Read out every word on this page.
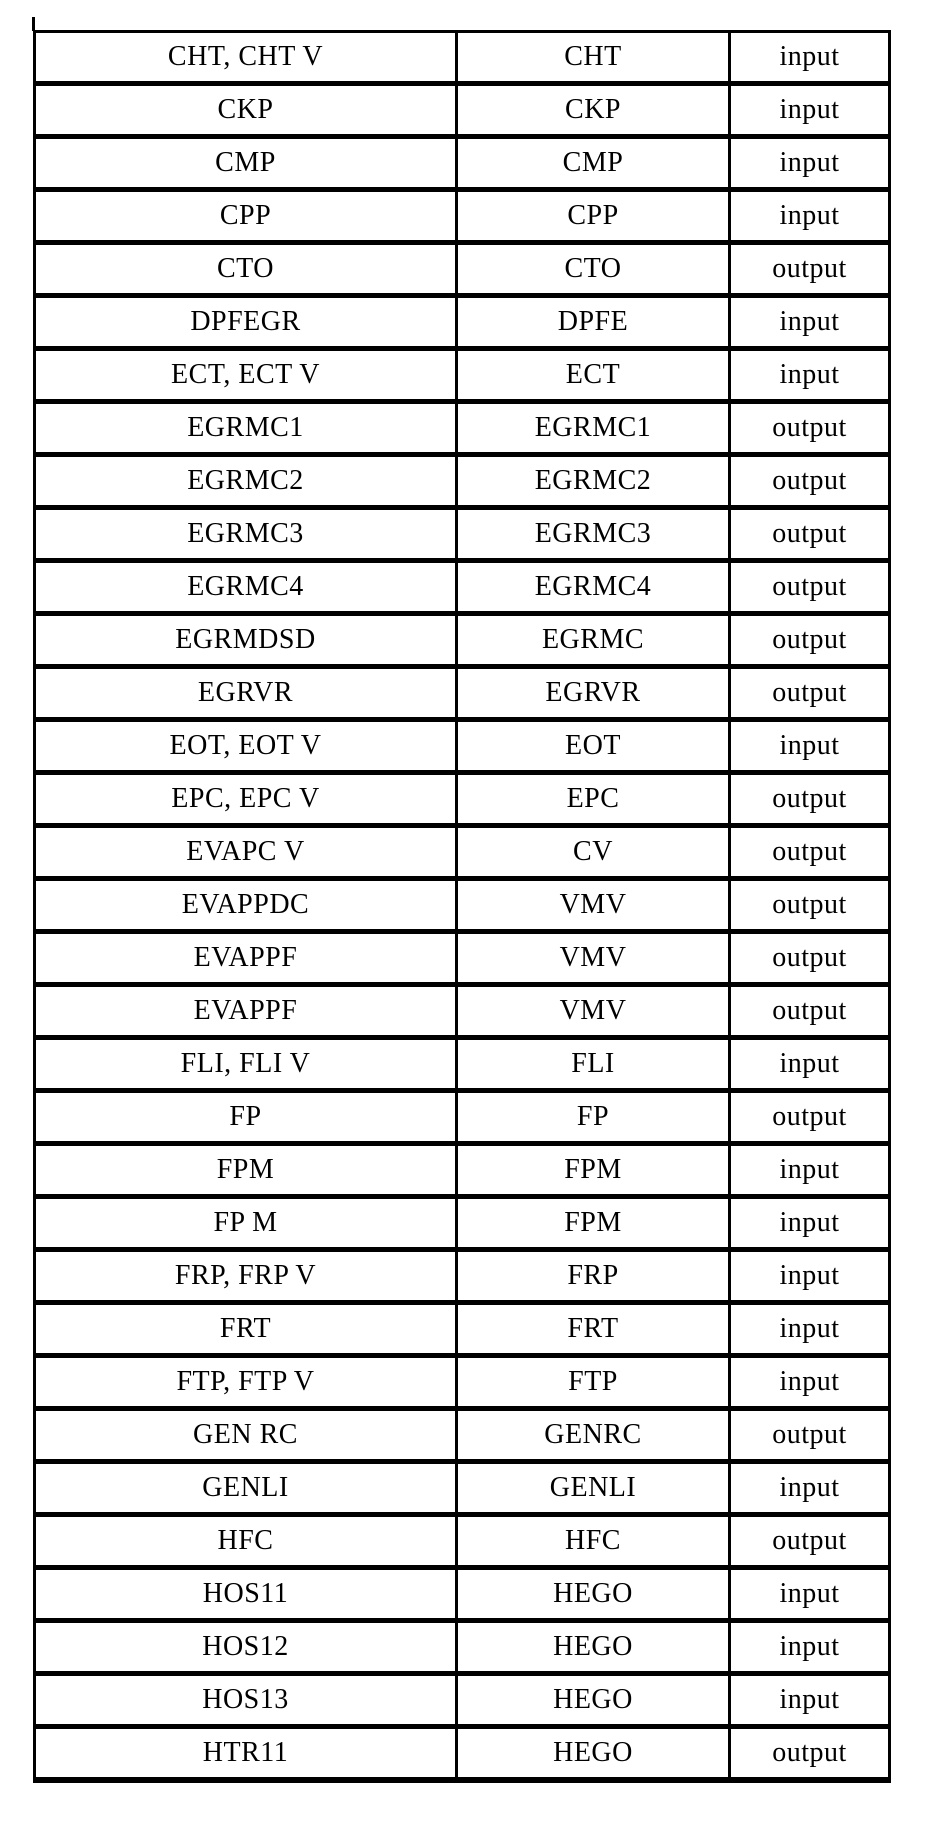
CHT, CHT V	CHT	input
CKP	CKP	input
CMP	CMP	input
CPP	CPP	input
CTO	CTO	output
DPFEGR	DPFE	input
ECT, ECT V	ECT	input
EGRMC1	EGRMC1	output
EGRMC2	EGRMC2	output
EGRMC3	EGRMC3	output
EGRMC4	EGRMC4	output
EGRMDSD	EGRMC	output
EGRVR	EGRVR	output
EOT, EOT V	EOT	input
EPC, EPC V	EPC	output
EVAPC V	CV	output
EVAPPDC	VMV	output
EVAPPF	VMV	output
EVAPPF	VMV	output
FLI, FLI V	FLI	input
FP	FP	output
FPM	FPM	input
FP M	FPM	input
FRP, FRP V	FRP	input
FRT	FRT	input
FTP, FTP V	FTP	input
GEN RC	GENRC	output
GENLI	GENLI	input
HFC	HFC	output
HOS11	HEGO	input
HOS12	HEGO	input
HOS13	HEGO	input
HTR11	HEGO	output
